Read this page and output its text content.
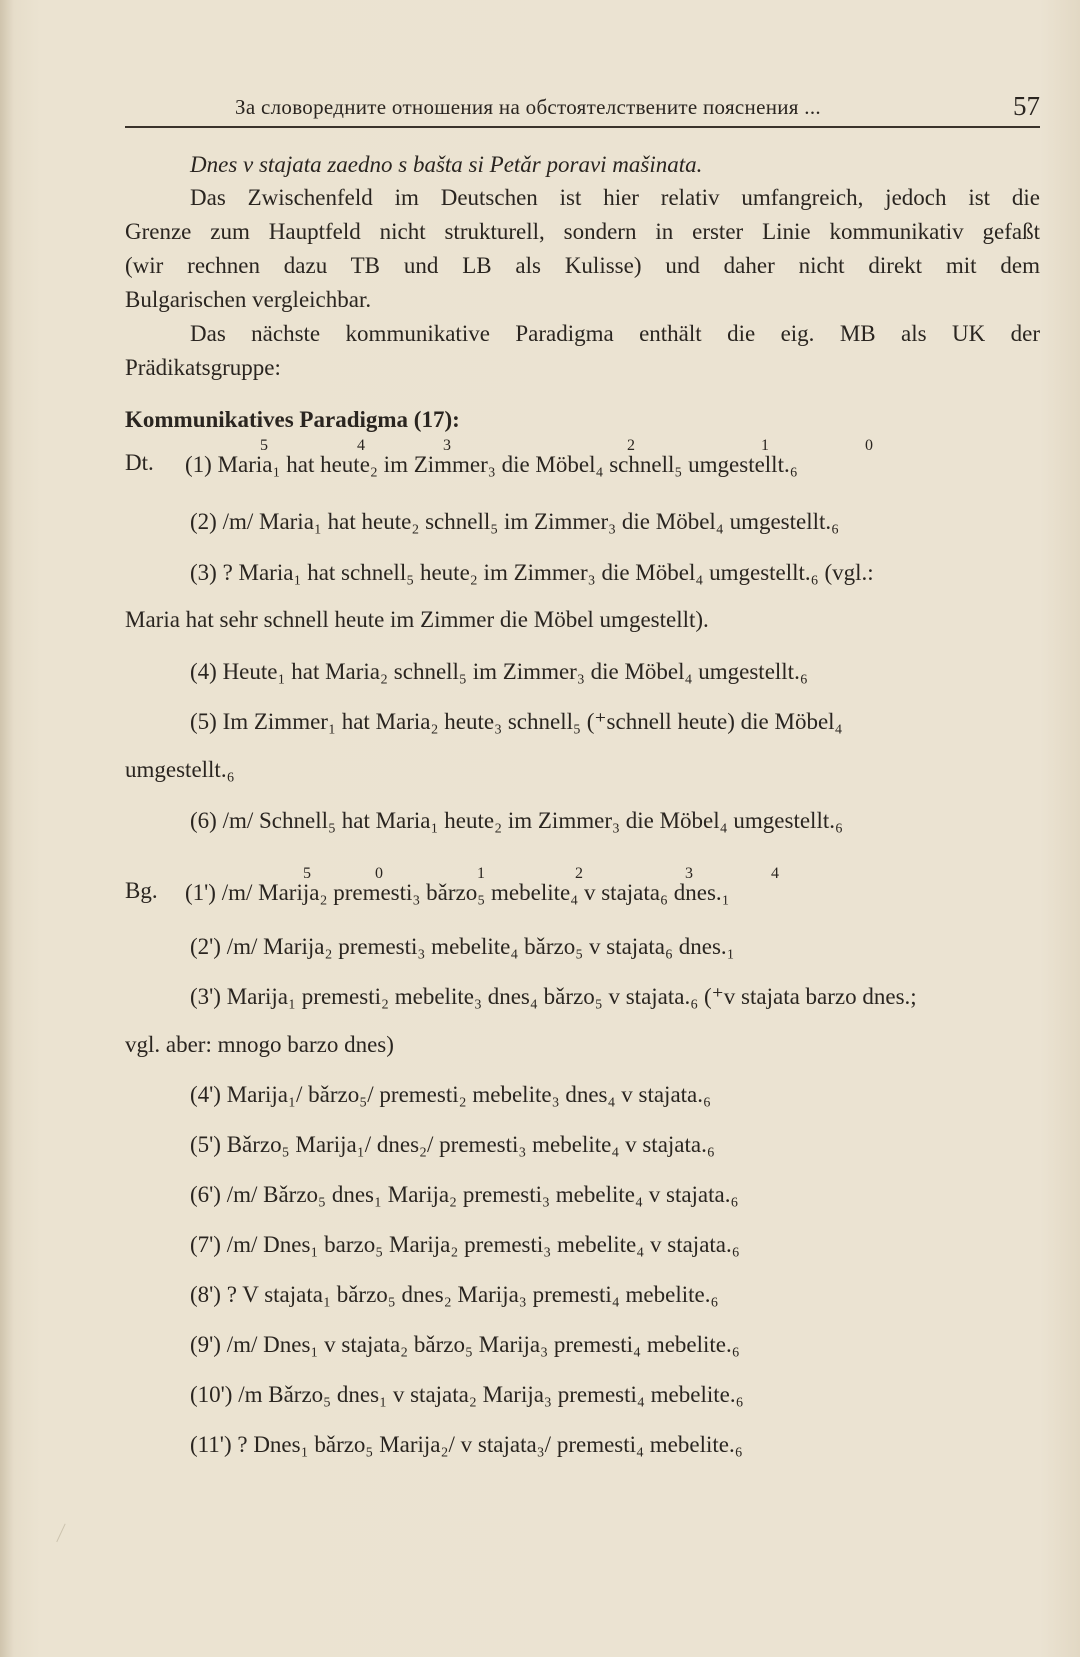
За словоредните отношения на обстоятелствените пояснения ...	57
Dnes v stajata zaedno s bašta si Petǎr poravi mašinata.
Das Zwischenfeld im Deutschen ist hier relativ umfangreich, jedoch ist die
Grenze zum Hauptfeld nicht strukturell, sondern in erster Linie kommunikativ gefaßt
(wir rechnen dazu TB und LB als Kulisse) und daher nicht direkt mit dem
Bulgarischen vergleichbar.
Das nächste kommunikative Paradigma enthält die eig. MB als UK der
Prädikatsgruppe:
Kommunikatives Paradigma (17):
5	4	3	2	1	0
Dt. (1) Maria₁ hat heute₂ im Zimmer₃ die Möbel₄ schnell₅ umgestellt.₆
(2) /m/ Maria₁ hat heute₂ schnell₅ im Zimmer₃ die Möbel₄ umgestellt.₆
(3) ? Maria₁ hat schnell₅ heute₂ im Zimmer₃ die Möbel₄ umgestellt.₆ (vgl.:
Maria hat sehr schnell heute im Zimmer die Möbel umgestellt).
(4) Heute₁ hat Maria₂ schnell₅ im Zimmer₃ die Möbel₄ umgestellt.₆
(5) Im Zimmer₁ hat Maria₂ heute₃ schnell₅ (⁺schnell heute) die Möbel₄
umgestellt.₆
(6) /m/ Schnell₅ hat Maria₁ heute₂ im Zimmer₃ die Möbel₄ umgestellt.₆
5	0	1	2	3	4
Bg. (1') /m/ Marija₂ premesti₃ bǎrzo₅ mebelite₄ v stajata₆ dnes.₁
(2') /m/ Marija₂ premesti₃ mebelite₄ bǎrzo₅ v stajata₆ dnes.₁
(3') Marija₁ premesti₂ mebelite₃ dnes₄ bǎrzo₅ v stajata.₆ (⁺v stajata barzo dnes.;
vgl. aber: mnogo barzo dnes)
(4') Marija₁/ bǎrzo₅/ premesti₂ mebelite₃ dnes₄ v stajata.₆
(5') Bǎrzo₅ Marija₁/ dnes₂/ premesti₃ mebelite₄ v stajata.₆
(6') /m/ Bǎrzo₅ dnes₁ Marija₂ premesti₃ mebelite₄ v stajata.₆
(7') /m/ Dnes₁ barzo₅ Marija₂ premesti₃ mebelite₄ v stajata.₆
(8') ? V stajata₁ bǎrzo₅ dnes₂ Marija₃ premesti₄ mebelite.₆
(9') /m/ Dnes₁ v stajata₂ bǎrzo₅ Marija₃ premesti₄ mebelite.₆
(10') /m Bǎrzo₅ dnes₁ v stajata₂ Marija₃ premesti₄ mebelite.₆
(11') ? Dnes₁ bǎrzo₅ Marija₂/ v stajata₃/ premesti₄ mebelite.₆
